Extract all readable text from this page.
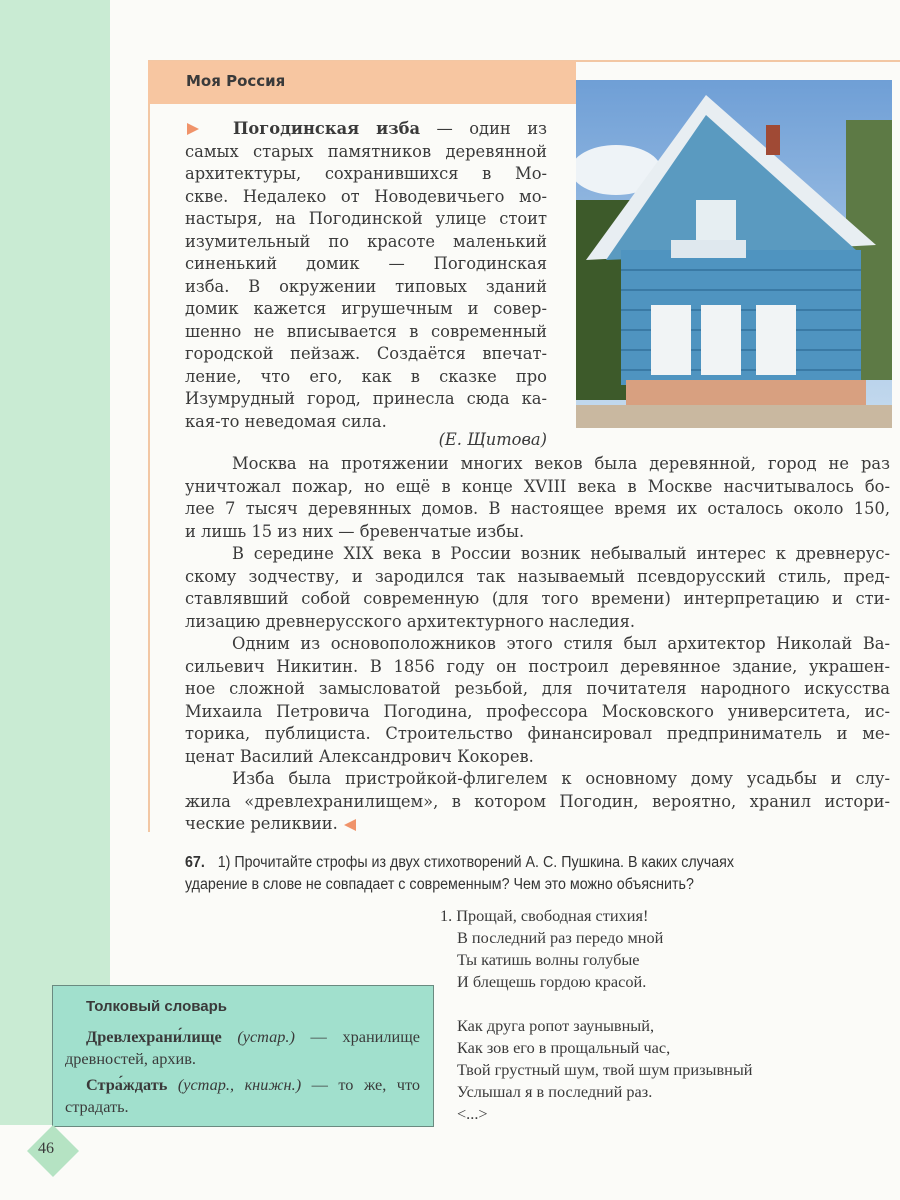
Моя Россия
Погодинская изба — один из
самых старых памятников деревянной
архитектуры, сохранившихся в Мо-
скве. Недалеко от Новодевичьего мо-
настыря, на Погодинской улице стоит
изумительный по красоте маленький
синенький домик — Погодинская
изба. В окружении типовых зданий
домик кажется игрушечным и совер-
шенно не вписывается в современный
городской пейзаж. Создаётся впечат-
ление, что его, как в сказке про
Изумрудный город, принесла сюда ка-
кая-то неведомая сила.
(Е. Щитова)
Москва на протяжении многих веков была деревянной, город не раз
уничтожал пожар, но ещё в конце XVIII века в Москве насчитывалось бо-
лее 7 тысяч деревянных домов. В настоящее время их осталось около 150,
и лишь 15 из них — бревенчатые избы.
В середине XIX века в России возник небывалый интерес к древнерус-
скому зодчеству, и зародился так называемый псевдорусский стиль, пред-
ставлявший собой современную (для того времени) интерпретацию и сти-
лизацию древнерусского архитектурного наследия.
Одним из основоположников этого стиля был архитектор Николай Ва-
сильевич Никитин. В 1856 году он построил деревянное здание, украшен-
ное сложной замысловатой резьбой, для почитателя народного искусства
Михаила Петровича Погодина, профессора Московского университета, ис-
торика, публициста. Строительство финансировал предприниматель и ме-
ценат Василий Александрович Кокорев.
Изба была пристройкой-флигелем к основному дому усадьбы и слу-
жила «древлехранилищем», в котором Погодин, вероятно, хранил истори-
ческие реликвии.
67. 1) Прочитайте строфы из двух стихотворений А. С. Пушкина. В каких случаях
ударение в слове не совпадает с современным? Чем это можно объяснить?
1. Прощай, свободная стихия!
В последний раз передо мной
Ты катишь волны голубые
И блещешь гордою красой.
Как друга ропот заунывный,
Как зов его в прощальный час,
Твой грустный шум, твой шум призывный
Услышал я в последний раз.
<...>
Толковый словарь
Древлехрани́лище (устар.) — хранилище древностей, архив.
Стра́ждать (устар., книжн.) — то же, что страдать.
46
